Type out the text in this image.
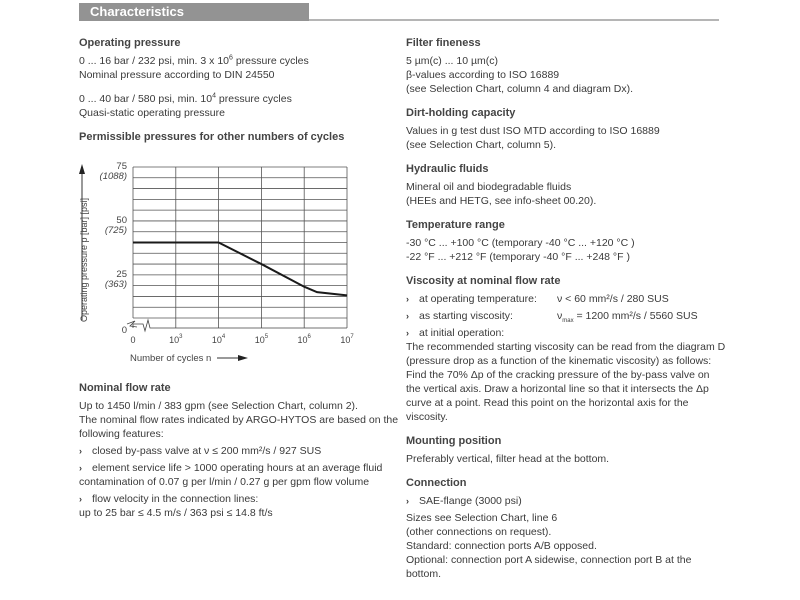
Characteristics
Operating pressure

0 ... 16 bar / 232 psi, min. 3 x $10^6$ pressure cycles

Nominal pressure according to DIN 24550

0 ... 40 bar / 580 psi, min. $10^4$ pressure cycles

Quasi-static operating pressure

Permissible pressures for other numbers of cycles
75
(1088)
50
(725)
25
(363)
0
0	$10^3$	$10^4$	$10^5$	$10^6$	$10^7$
Operating pressure p [bar] [psi]
Number of cycles n
Nominal flow rate

Up to 1450 l/min / 383 gpm (see Selection Chart, column 2).

The nominal flow rates indicated by ARGO-HYTOS are based on the following features:

› closed by-pass valve at ν ≤ 200 mm²/s / 927 SUS
› element service life > 1000 operating hours at an average fluid contamination of 0.07 g per l/min / 0.27 g per gpm flow volume
› flow velocity in the connection lines:

up to 25 bar ≤ 4.5 m/s / 363 psi ≤ 14.8 ft/s

Filter fineness

5 µm(c) ... 10 µm(c)

β-values according to ISO 16889

(see Selection Chart, column 4 and diagram Dx).

Dirt-holding capacity

Values in g test dust ISO MTD according to ISO 16889

(see Selection Chart, column 5).

Hydraulic fluids

Mineral oil and biodegradable fluids

(HEEs and HETG, see info-sheet 00.20).

Temperature range

-30 °C ... +100 °C (temporary -40 °C ... +120 °C )

-22 °F ... +212 °F (temporary -40 °F ... +248 °F )

Viscosity at nominal flow rate
› at operating temperature:	ν < 60 mm²/s / 280 SUS
› as starting viscosity:	$\nu_{max} = 1200$ mm²/s / 5560 SUS
› at initial operation:

The recommended starting viscosity can be read from the diagram D (pressure drop as a function of the kinematic viscosity) as follows: Find the 70% Δp of the cracking pressure of the by-pass valve on the vertical axis. Draw a horizontal line so that it intersects the Δp curve at a point. Read this point on the horizontal axis for the viscosity.

Mounting position

Preferably vertical, filter head at the bottom.

Connection
› SAE-flange (3000 psi)

Sizes see Selection Chart, line 6

(other connections on request).

Standard: connection ports A/B opposed.

Optional: connection port A sidewise, connection port B at the bottom.
